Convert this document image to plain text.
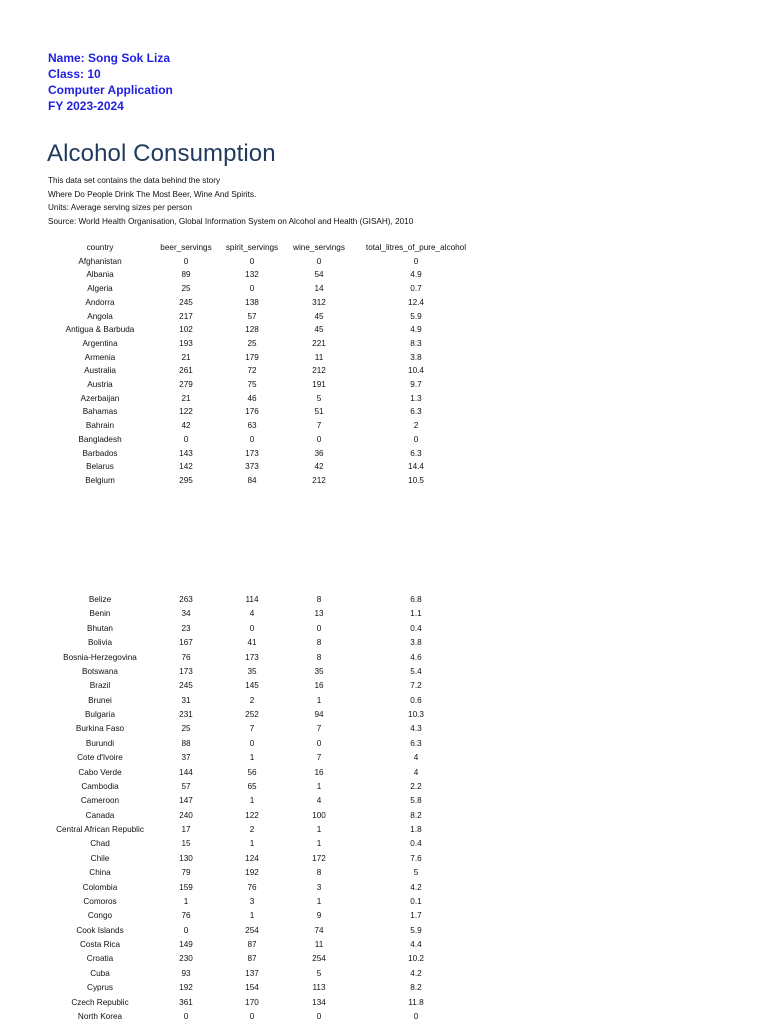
Name: Song Sok Liza
Class: 10
Computer Application
FY 2023-2024
Alcohol Consumption
This data set contains the data behind the story
Where Do People Drink The Most Beer, Wine And Spirits.
Units: Average serving sizes per person
Source: World Health Organisation, Global Information System on Alcohol and Health (GISAH), 2010
country	beer_servings	spirit_servings	wine_servings	total_litres_of_pure_alcohol
Afghanistan	0	0	0	0
Albania	89	132	54	4.9
Algeria	25	0	14	0.7
Andorra	245	138	312	12.4
Angola	217	57	45	5.9
Antigua & Barbuda	102	128	45	4.9
Argentina	193	25	221	8.3
Armenia	21	179	11	3.8
Australia	261	72	212	10.4
Austria	279	75	191	9.7
Azerbaijan	21	46	5	1.3
Bahamas	122	176	51	6.3
Bahrain	42	63	7	2
Bangladesh	0	0	0	0
Barbados	143	173	36	6.3
Belarus	142	373	42	14.4
Belgium	295	84	212	10.5
Belize	263	114	8	6.8
Benin	34	4	13	1.1
Bhutan	23	0	0	0.4
Bolivia	167	41	8	3.8
Bosnia-Herzegovina	76	173	8	4.6
Botswana	173	35	35	5.4
Brazil	245	145	16	7.2
Brunei	31	2	1	0.6
Bulgaria	231	252	94	10.3
Burkina Faso	25	7	7	4.3
Burundi	88	0	0	6.3
Cote d'Ivoire	37	1	7	4
Cabo Verde	144	56	16	4
Cambodia	57	65	1	2.2
Cameroon	147	1	4	5.8
Canada	240	122	100	8.2
Central African Republic	17	2	1	1.8
Chad	15	1	1	0.4
Chile	130	124	172	7.6
China	79	192	8	5
Colombia	159	76	3	4.2
Comoros	1	3	1	0.1
Congo	76	1	9	1.7
Cook Islands	0	254	74	5.9
Costa Rica	149	87	11	4.4
Croatia	230	87	254	10.2
Cuba	93	137	5	4.2
Cyprus	192	154	113	8.2
Czech Republic	361	170	134	11.8
North Korea	0	0	0	0
